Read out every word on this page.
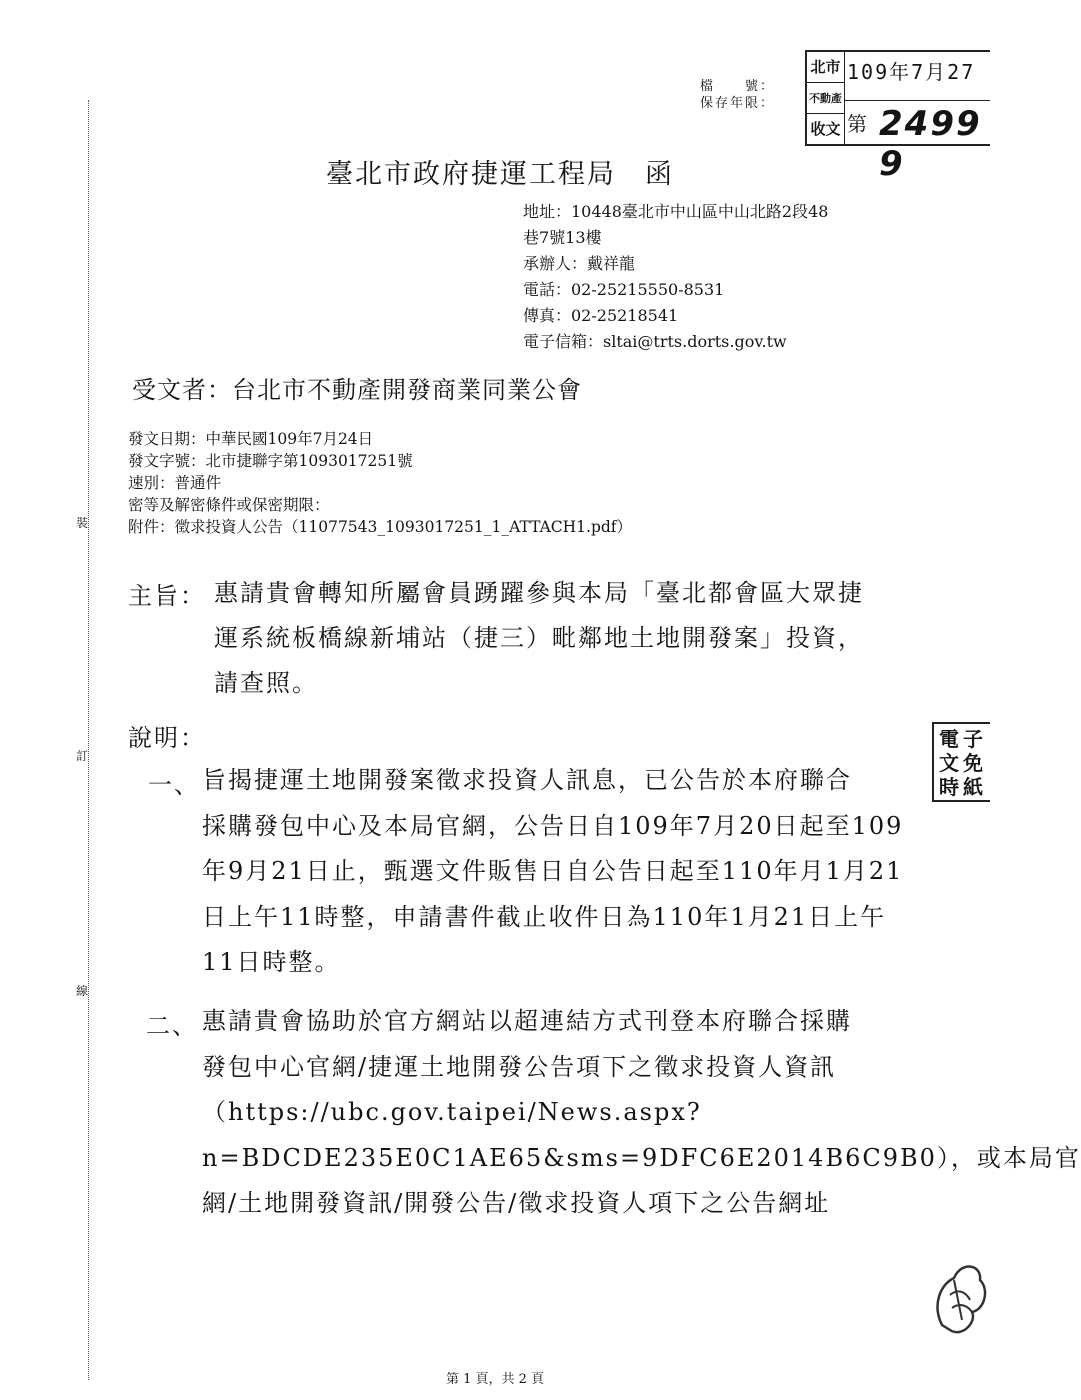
裝
訂
線
檔　　號：
保存年限：
北市
不動產
收文
109年7月27
第 2499 9
臺北市政府捷運工程局　函
地址：10448臺北市中山區中山北路2段48
巷7號13樓
承辦人：戴祥龍
電話：02-25215550-8531
傳真：02-25218541
電子信箱：sltai@trts.dorts.gov.tw
受文者：台北市不動產開發商業同業公會
發文日期：中華民國109年7月24日
發文字號：北市捷聯字第1093017251號
速別：普通件
密等及解密條件或保密期限：
附件：徵求投資人公告（11077543_1093017251_1_ATTACH1.pdf）
主旨： 惠請貴會轉知所屬會員踴躍參與本局「臺北都會區大眾捷
運系統板橋線新埔站（捷三）毗鄰地土地開發案」投資，
請查照。
說明：
一、 旨揭捷運土地開發案徵求投資人訊息，已公告於本府聯合
採購發包中心及本局官網，公告日自109年7月20日起至109
年9月21日止，甄選文件販售日自公告日起至110年月1月21
日上午11時整，申請書件截止收件日為110年1月21日上午
11日時整。
二、 惠請貴會協助於官方網站以超連結方式刊登本府聯合採購
發包中心官網/捷運土地開發公告項下之徵求投資人資訊
（https://ubc.gov.taipei/News.aspx?
n=BDCDE235E0C1AE65&sms=9DFC6E2014B6C9B0），或本局官
網/土地開發資訊/開發公告/徵求投資人項下之公告網址
電子
文免
時紙
第 1 頁，共 2 頁
